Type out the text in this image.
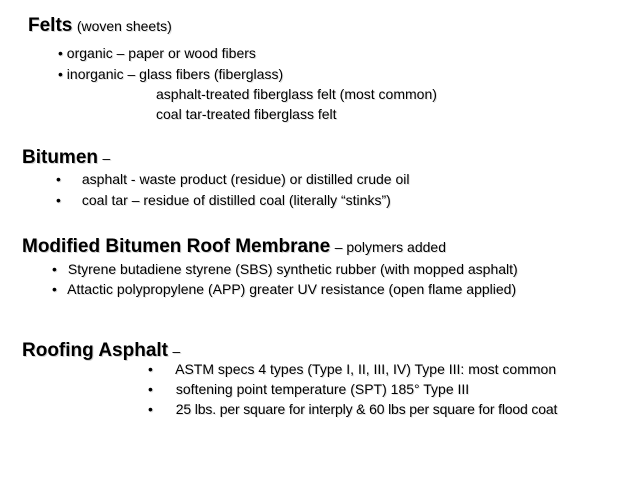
Felts (woven sheets)
• organic – paper or wood fibers
• inorganic – glass fibers (fiberglass)
asphalt-treated fiberglass felt (most common)
coal tar-treated fiberglass felt
Bitumen –
• asphalt - waste product (residue) or distilled crude oil
• coal tar – residue of distilled coal (literally “stinks”)
Modified Bitumen Roof Membrane – polymers added
• Styrene butadiene styrene (SBS) synthetic rubber (with mopped asphalt)
• Attactic polypropylene (APP) greater UV resistance (open flame applied)
Roofing Asphalt –
• ASTM specs 4 types (Type I, II, III, IV) Type III: most common
• softening point temperature (SPT) 185° Type III
• 25 lbs. per square for interply & 60 lbs per square for flood coat
